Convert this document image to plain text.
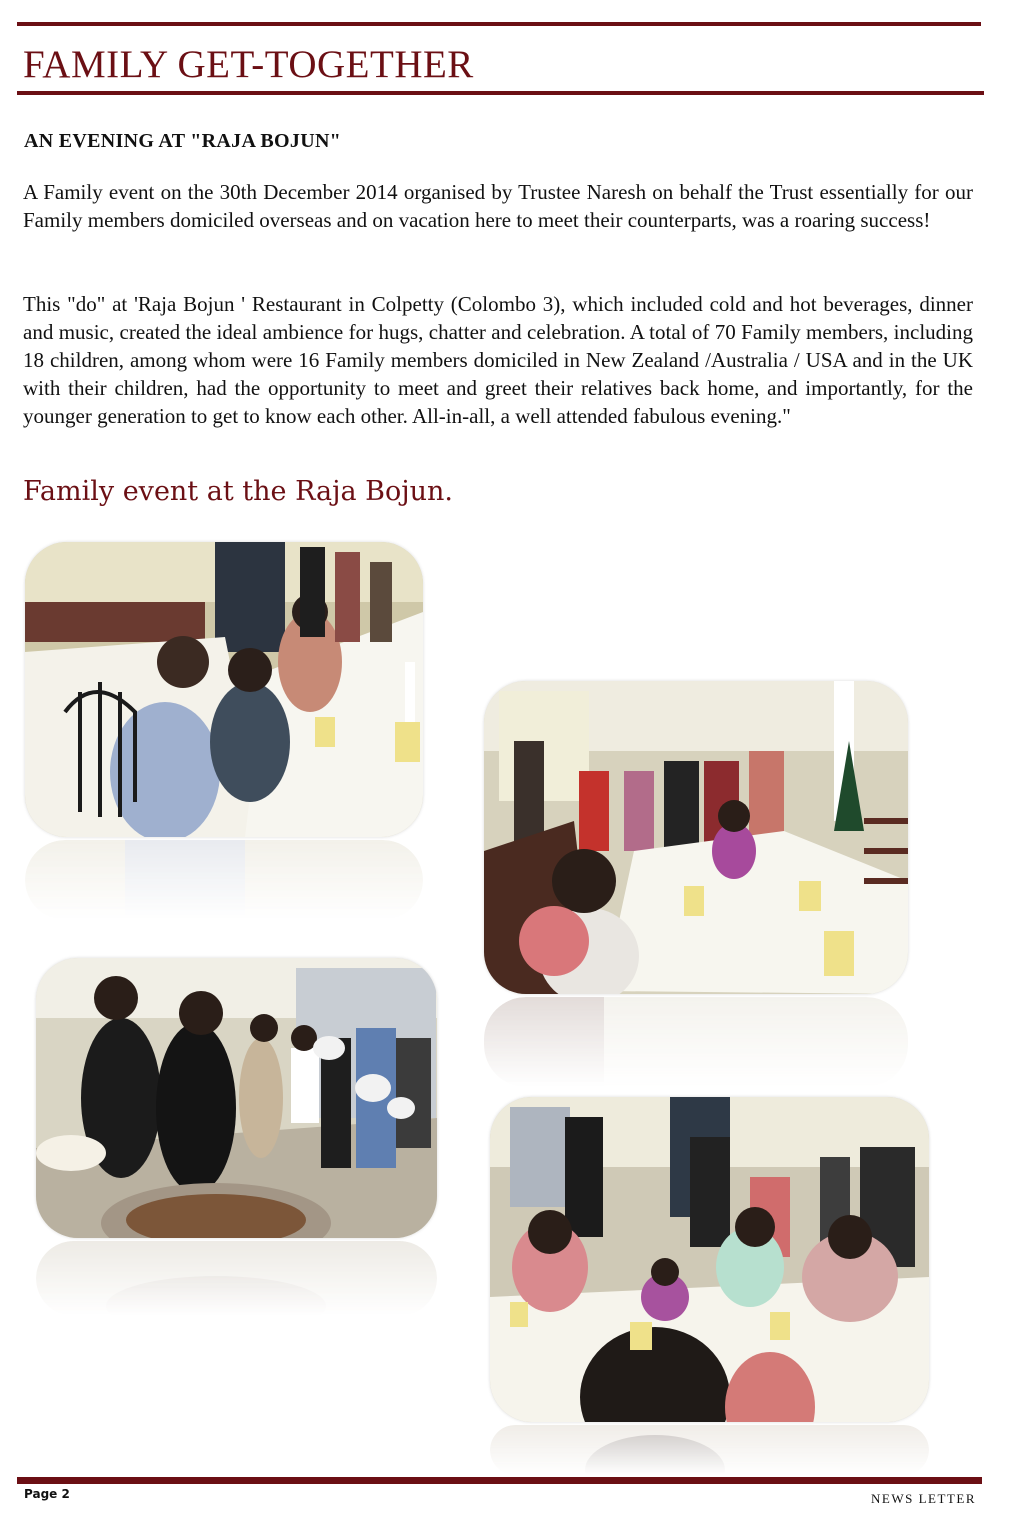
FAMILY GET-TOGETHER
AN EVENING AT "RAJA BOJUN"
A Family event on the 30th December 2014 organised by Trustee Naresh on behalf the Trust essentially for our Family members domiciled overseas and on vacation here to meet their counterparts, was a roaring success!
This "do" at 'Raja Bojun ' Restaurant in Colpetty (Colombo 3), which included cold and hot beverages, dinner and music, created the ideal ambience for hugs, chatter and celebration. A total of 70 Family members, including 18 children, among whom were 16 Family members domiciled in New Zealand /Australia / USA and in the UK with their children, had the opportunity to meet and greet their relatives back home, and importantly, for the younger generation to get to know each other. All-in-all, a well attended fabulous evening."
Family event at the Raja Bojun.
Page 2	NEWS LETTER
